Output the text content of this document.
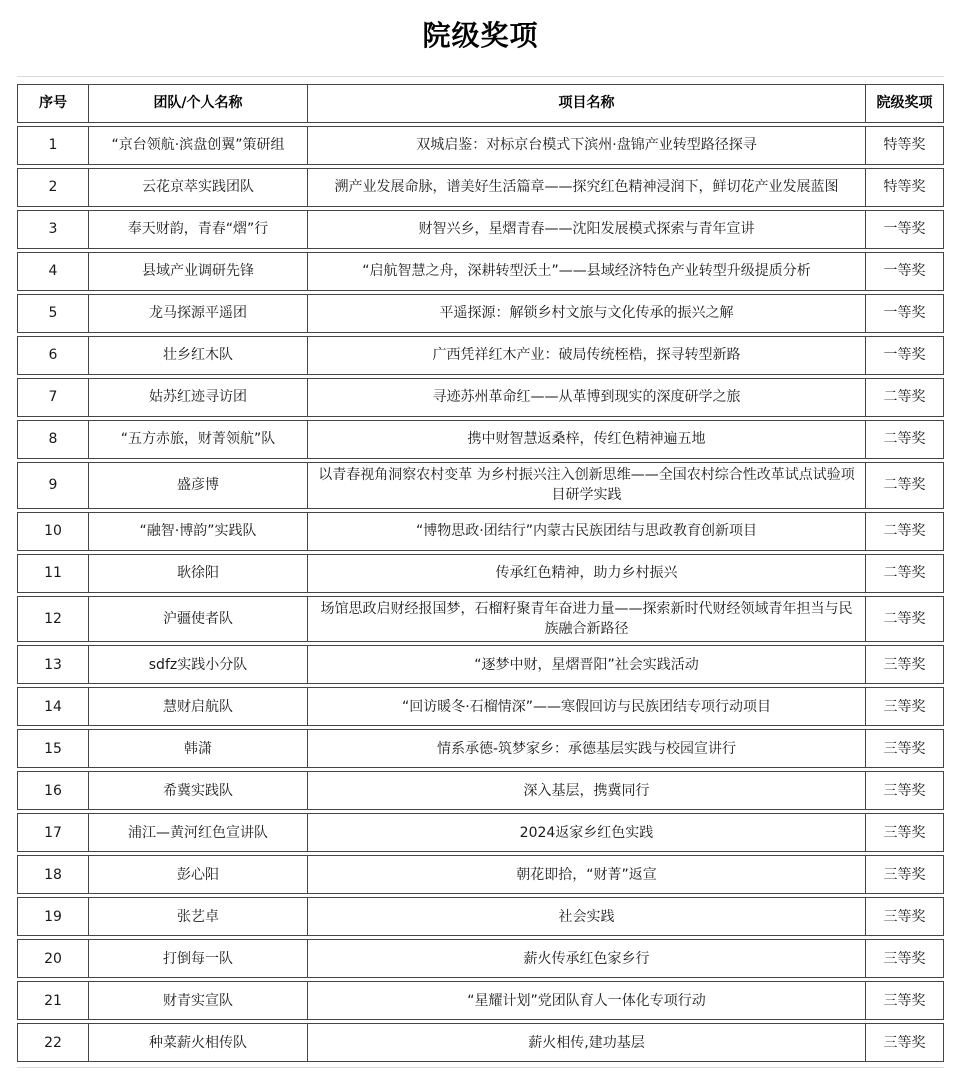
院级奖项
序号	团队/个人名称	项目名称	院级奖项
1	“京台领航·滨盘创翼”策研组	双城启鉴：对标京台模式下滨州·盘锦产业转型路径探寻	特等奖
2	云花京萃实践团队	溯产业发展命脉，谱美好生活篇章——探究红色精神浸润下，鲜切花产业发展蓝图	特等奖
3	奉天财韵，青春“熠”行	财智兴乡，星熠青春——沈阳发展模式探索与青年宣讲	一等奖
4	县域产业调研先锋	“启航智慧之舟，深耕转型沃土”——县域经济特色产业转型升级提质分析	一等奖
5	龙马探源平遥团	平遥探源：解锁乡村文旅与文化传承的振兴之解	一等奖
6	壮乡红木队	广西凭祥红木产业：破局传统桎梏，探寻转型新路	一等奖
7	姑苏红迹寻访团	寻迹苏州革命红——从革博到现实的深度研学之旅	二等奖
8	“五方赤旅，财菁领航”队	携中财智慧返桑梓，传红色精神遍五地	二等奖
9	盛彦博	以青春视角洞察农村变革 为乡村振兴注入创新思维——全国农村综合性改革试点试验项目研学实践	二等奖
10	“融智·博韵”实践队	“博物思政·团结行”内蒙古民族团结与思政教育创新项目	二等奖
11	耿徐阳	传承红色精神，助力乡村振兴	二等奖
12	沪疆使者队	场馆思政启财经报国梦，石榴籽聚青年奋进力量——探索新时代财经领域青年担当与民族融合新路径	二等奖
13	sdfz实践小分队	“逐梦中财，星熠晋阳”社会实践活动	三等奖
14	慧财启航队	“回访暖冬·石榴情深”——寒假回访与民族团结专项行动项目	三等奖
15	韩潇	情系承德-筑梦家乡：承德基层实践与校园宣讲行	三等奖
16	希冀实践队	深入基层，携冀同行	三等奖
17	浦江—黄河红色宣讲队	2024返家乡红色实践	三等奖
18	彭心阳	朝花即拾，“财菁”返宣	三等奖
19	张艺卓	社会实践	三等奖
20	打倒每一队	薪火传承红色家乡行	三等奖
21	财青实宣队	“星耀计划”党团队育人一体化专项行动	三等奖
22	种菜薪火相传队	薪火相传,建功基层	三等奖
